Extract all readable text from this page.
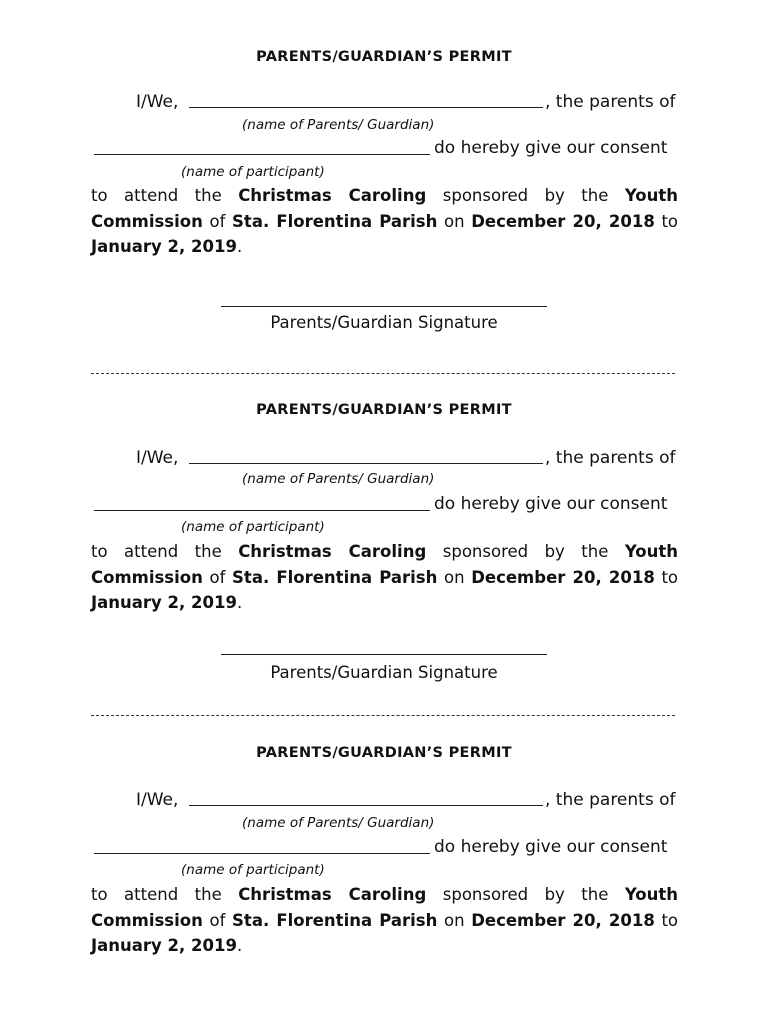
PARENTS/GUARDIAN’S PERMIT
I/We,	, the parents of
(name of Parents/ Guardian)
do hereby give our consent
(name of participant)
to attend the Christmas Caroling sponsored by the Youth Commission of Sta. Florentina Parish on December 20, 2018 to January 2, 2019.
Parents/Guardian Signature
PARENTS/GUARDIAN’S PERMIT
I/We,	, the parents of
(name of Parents/ Guardian)
do hereby give our consent
(name of participant)
to attend the Christmas Caroling sponsored by the Youth Commission of Sta. Florentina Parish on December 20, 2018 to January 2, 2019.
Parents/Guardian Signature
PARENTS/GUARDIAN’S PERMIT
I/We,	, the parents of
(name of Parents/ Guardian)
do hereby give our consent
(name of participant)
to attend the Christmas Caroling sponsored by the Youth Commission of Sta. Florentina Parish on December 20, 2018 to January 2, 2019.
